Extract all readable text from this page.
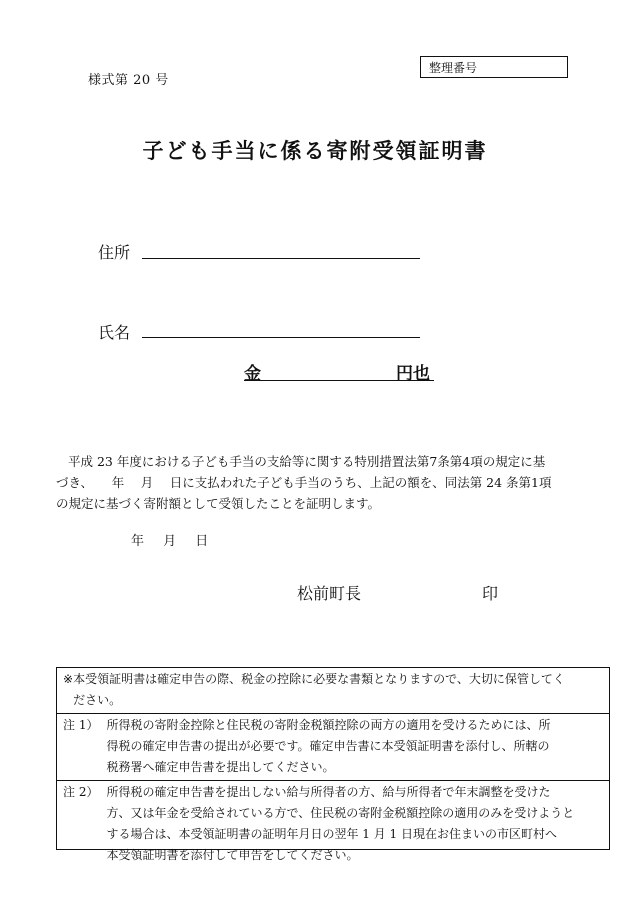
様式第 20 号
整理番号
子ども手当に係る寄附受領証明書
住所
氏名
金	円也
平成 23 年度における子ども手当の支給等に関する特別措置法第7条第4項の規定に基
づき、　　年　 月　 日に支払われた子ども手当のうち、上記の額を、同法第 24 条第1項
の規定に基づく寄附額として受領したことを証明します。
年　 月　 日
松前町長	印
※ 本受領証明書は確定申告の際、税金の控除に必要な書類となりますので、大切に保管してく
ださい。
注 1） 所得税の寄附金控除と住民税の寄附金税額控除の両方の適用を受けるためには、所
得税の確定申告書の提出が必要です。確定申告書に本受領証明書を添付し、所轄の
税務署へ確定申告書を提出してください。
注 2） 所得税の確定申告書を提出しない給与所得者の方、給与所得者で年末調整を受けた
方、又は年金を受給されている方で、住民税の寄附金税額控除の適用のみを受けようと
する場合は、本受領証明書の証明年月日の翌年 1 月 1 日現在お住まいの市区町村へ
本受領証明書を添付して申告をしてください。
